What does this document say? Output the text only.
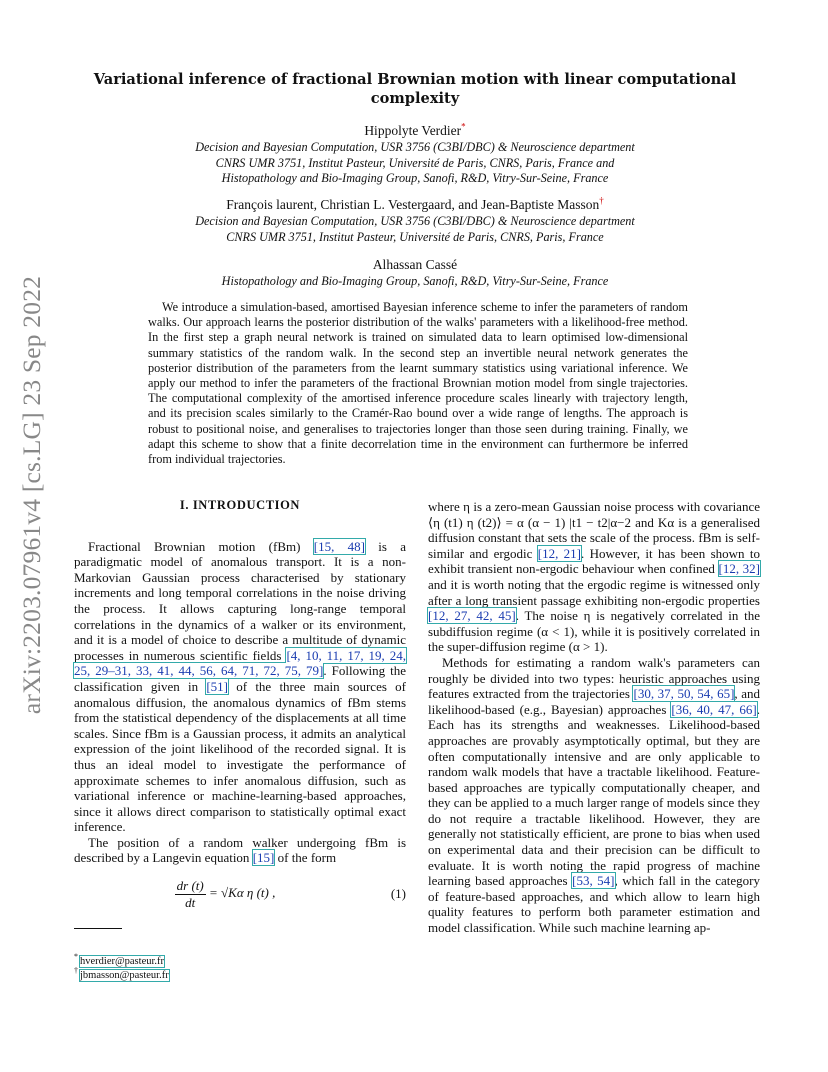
arXiv:2203.07961v4 [cs.LG] 23 Sep 2022
Variational inference of fractional Brownian motion with linear computational complexity
Hippolyte Verdier*
Decision and Bayesian Computation, USR 3756 (C3BI/DBC) & Neuroscience department
CNRS UMR 3751, Institut Pasteur, Université de Paris, CNRS, Paris, France and
Histopathology and Bio-Imaging Group, Sanofi, R&D, Vitry-Sur-Seine, France
François laurent, Christian L. Vestergaard, and Jean-Baptiste Masson†
Decision and Bayesian Computation, USR 3756 (C3BI/DBC) & Neuroscience department
CNRS UMR 3751, Institut Pasteur, Université de Paris, CNRS, Paris, France
Alhassan Cassé
Histopathology and Bio-Imaging Group, Sanofi, R&D, Vitry-Sur-Seine, France
We introduce a simulation-based, amortised Bayesian inference scheme to infer the parameters of random walks. Our approach learns the posterior distribution of the walks' parameters with a likelihood-free method. In the first step a graph neural network is trained on simulated data to learn optimised low-dimensional summary statistics of the random walk. In the second step an invertible neural network generates the posterior distribution of the parameters from the learnt summary statistics using variational inference. We apply our method to infer the parameters of the fractional Brownian motion model from single trajectories. The computational complexity of the amortised inference procedure scales linearly with trajectory length, and its precision scales similarly to the Cramér-Rao bound over a wide range of lengths. The approach is robust to positional noise, and generalises to trajectories longer than those seen during training. Finally, we adapt this scheme to show that a finite decorrelation time in the environment can furthermore be inferred from individual trajectories.
I. INTRODUCTION

Fractional Brownian motion (fBm) [15, 48] is a paradigmatic model of anomalous transport. It is a non-Markovian Gaussian process characterised by stationary increments and long temporal correlations in the noise driving the process. It allows capturing long-range temporal correlations in the dynamics of a walker or its environment, and it is a model of choice to describe a multitude of dynamic processes in numerous scientific fields [4, 10, 11, 17, 19, 24, 25, 29–31, 33, 41, 44, 56, 64, 71, 72, 75, 79]. Following the classification given in [51] of the three main sources of anomalous diffusion, the anomalous dynamics of fBm stems from the statistical dependency of the displacements at all time scales. Since fBm is a Gaussian process, it admits an analytical expression of the joint likelihood of the recorded signal. It is thus an ideal model to investigate the performance of approximate schemes to infer anomalous diffusion, such as variational inference or machine-learning-based approaches, since it allows direct comparison to statistically optimal exact inference.

The position of a random walker undergoing fBm is described by a Langevin equation [15] of the form

$\frac{dr (t)}{dt} = √K\alpha$ η (t) ,	(1)

where η is a zero-mean Gaussian noise process with covariance ⟨η (t1) η (t2)⟩ = α (α − 1) |t1 − t2|α−2 and Kα is a generalised diffusion constant that sets the scale of the process. fBm is self-similar and ergodic [12, 21]. However, it has been shown to exhibit transient non-ergodic behaviour when confined [12, 32] and it is worth noting that the ergodic regime is witnessed only after a long transient passage exhibiting non-ergodic properties [12, 27, 42, 45]. The noise η is negatively correlated in the subdiffusion regime (α < 1), while it is positively correlated in the super-diffusion regime (α > 1).

Methods for estimating a random walk's parameters can roughly be divided into two types: heuristic approaches using features extracted from the trajectories [30, 37, 50, 54, 65], and likelihood-based (e.g., Bayesian) approaches [36, 40, 47, 66]. Each has its strengths and weaknesses. Likelihood-based approaches are provably asymptotically optimal, but they are often computationally intensive and are only applicable to random walk models that have a tractable likelihood. Feature-based approaches are typically computationally cheaper, and they can be applied to a much larger range of models since they do not require a tractable likelihood. However, they are generally not statistically efficient, are prone to bias when used on experimental data and their precision can be difficult to evaluate. It is worth noting the rapid progress of machine learning based approaches [53, 54], which fall in the category of feature-based approaches, and which allow to learn high quality features to perform both parameter estimation and model classification. While such machine learning ap-

* hverdier@pasteur.fr
† jbmasson@pasteur.fr
